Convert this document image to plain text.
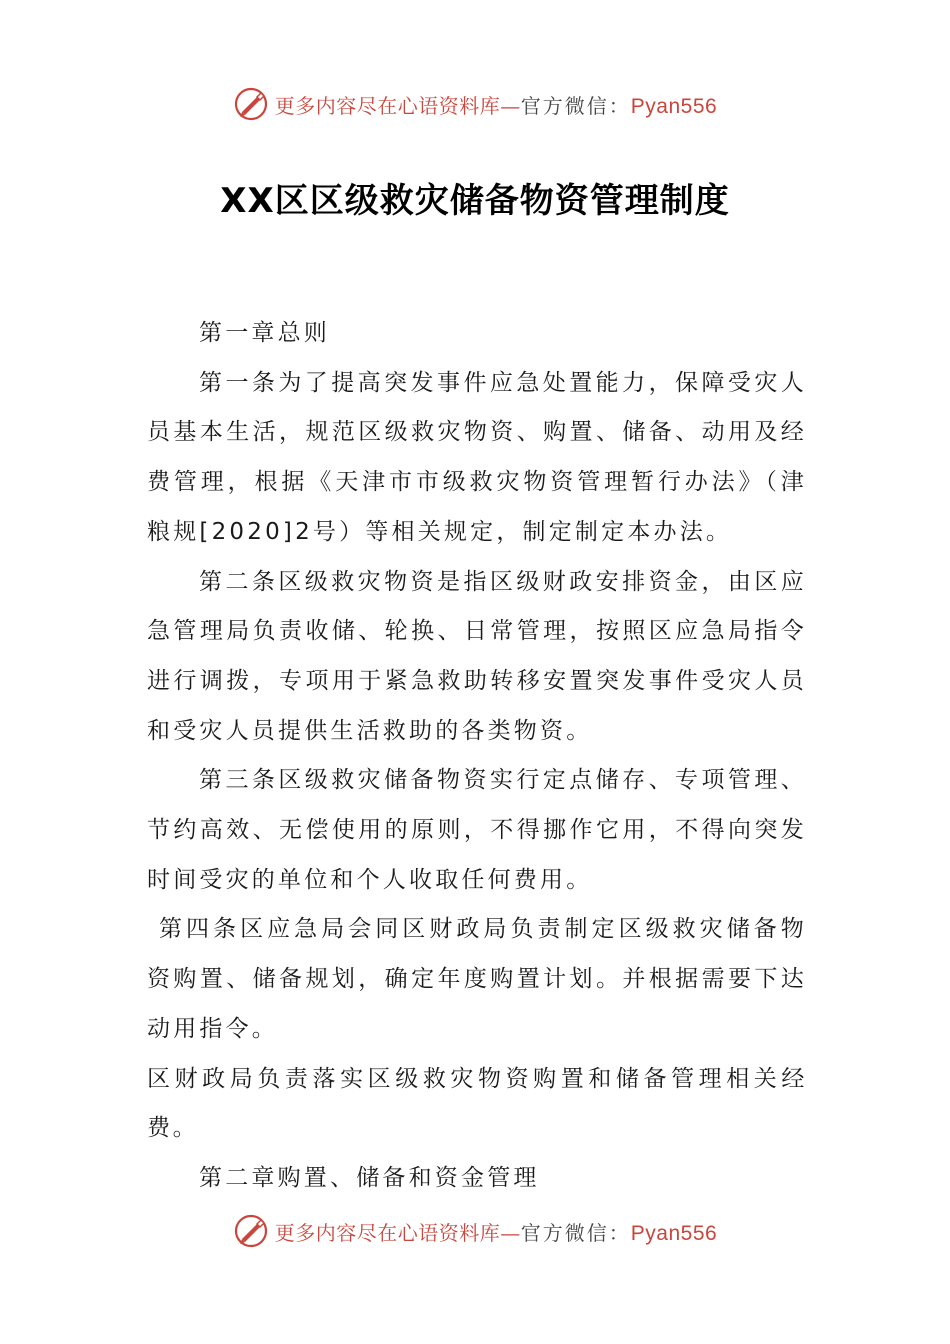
更多内容尽在心语资料库—官方微信：Pyan556
XX区区级救灾储备物资管理制度

第一章总则

第一条为了提高突发事件应急处置能力，保障受灾人员基本生活，规范区级救灾物资、购置、储备、动用及经费管理，根据《天津市市级救灾物资管理暂行办法》（津粮规[2020]2号）等相关规定，制定制定本办法。

第二条区级救灾物资是指区级财政安排资金，由区应急管理局负责收储、轮换、日常管理，按照区应急局指令进行调拨，专项用于紧急救助转移安置突发事件受灾人员和受灾人员提供生活救助的各类物资。

第三条区级救灾储备物资实行定点储存、专项管理、节约高效、无偿使用的原则，不得挪作它用，不得向突发时间受灾的单位和个人收取任何费用。

第四条区应急局会同区财政局负责制定区级救灾储备物资购置、储备规划，确定年度购置计划。并根据需要下达动用指令。

区财政局负责落实区级救灾物资购置和储备管理相关经费。

第二章购置、储备和资金管理

更多内容尽在心语资料库—官方微信：Pyan556
